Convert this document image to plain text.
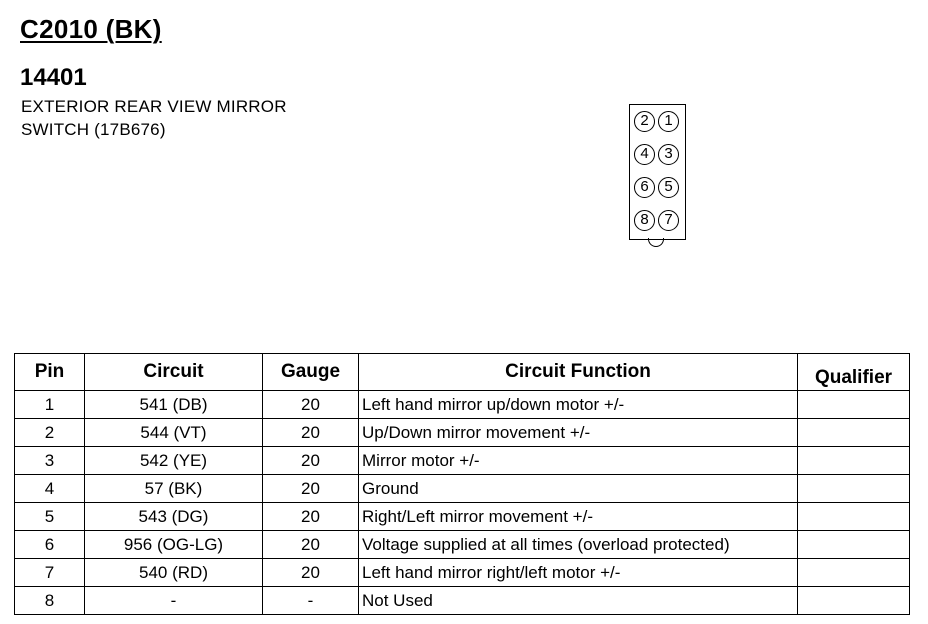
C2010 (BK)
14401
EXTERIOR REAR VIEW MIRROR
SWITCH (17B676)	2	1
4	3
6	5
8	7
Pin	Circuit	Gauge	Circuit Function	Qualifier
1	541 (DB)	20	Left hand mirror up/down motor +/-	
2	544 (VT)	20	Up/Down mirror movement +/-	
3	542 (YE)	20	Mirror motor +/-	
4	57 (BK)	20	Ground	
5	543 (DG)	20	Right/Left mirror movement +/-	
6	956 (OG-LG)	20	Voltage supplied at all times (overload protected)	
7	540 (RD)	20	Left hand mirror right/left motor +/-	
8	-	-	Not Used	
